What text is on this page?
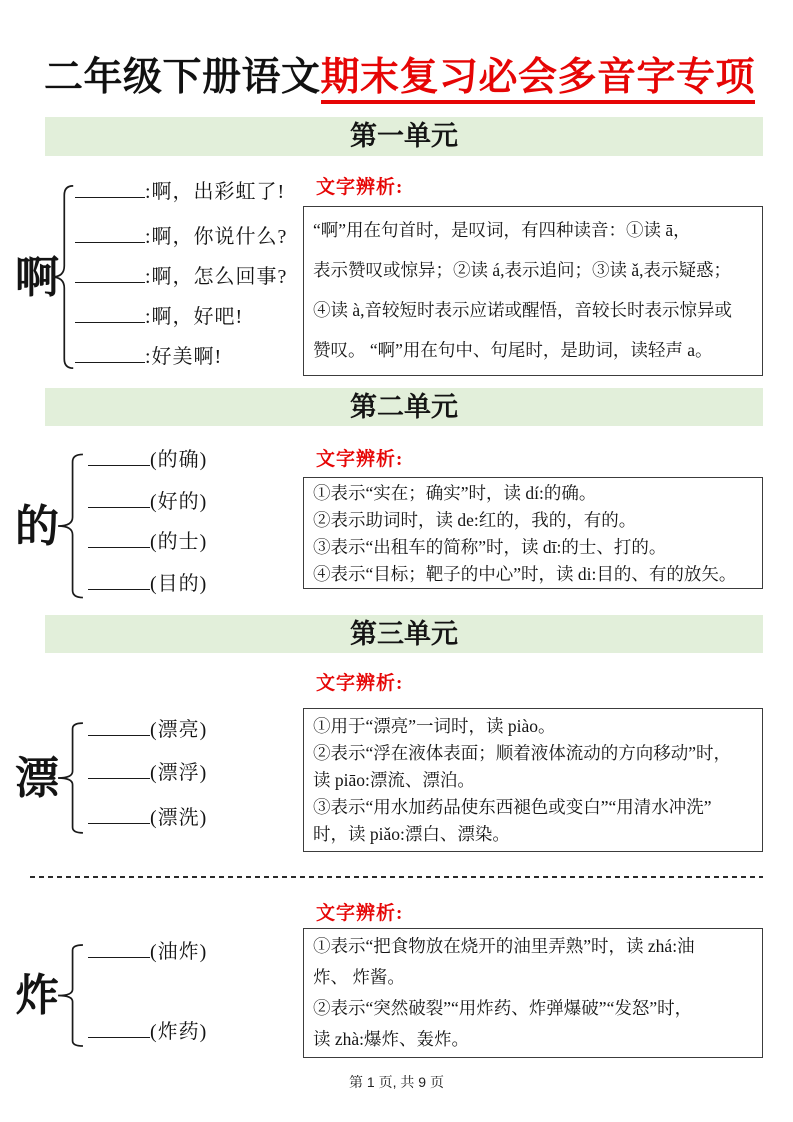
二年级下册语文期末复习必会多音字专项
第一单元
啊
:啊，出彩虹了!
:啊，你说什么?
:啊，怎么回事?
:啊，好吧!
:好美啊!
文字辨析:
“啊”用在句首时，是叹词，有四种读音：①读 ā，
表示赞叹或惊异；②读 á,表示追问；③读 ǎ,表示疑惑；
④读 à,音较短时表示应诺或醒悟，音较长时表示惊异或
赞叹。 “啊”用在句中、句尾时，是助词，读轻声 a。
第二单元
的
(的确)
(好的)
(的士)
(目的)
文字辨析:
①表示“实在；确实”时，读 dí:的确。
②表示助词时，读 de:红的，我的，有的。
③表示“出租车的简称”时，读 dī:的士、打的。
④表示“目标；靶子的中心”时，读 di:目的、有的放矢。
第三单元
漂
(漂亮)
(漂浮)
(漂洗)
文字辨析:
①用于“漂亮”一词时，读 piào。
②表示“浮在液体表面；顺着液体流动的方向移动”时，
读 piāo:漂流、漂泊。
③表示“用水加药品使东西褪色或变白”“用清水冲洗”
时，读 piǎo:漂白、漂染。
炸
(油炸)
(炸药)
文字辨析:
①表示“把食物放在烧开的油里弄熟”时，读 zhá:油
炸、 炸酱。
②表示“突然破裂”“用炸药、炸弹爆破”“发怒”时，
读 zhà:爆炸、轰炸。
第 1 页, 共 9 页
